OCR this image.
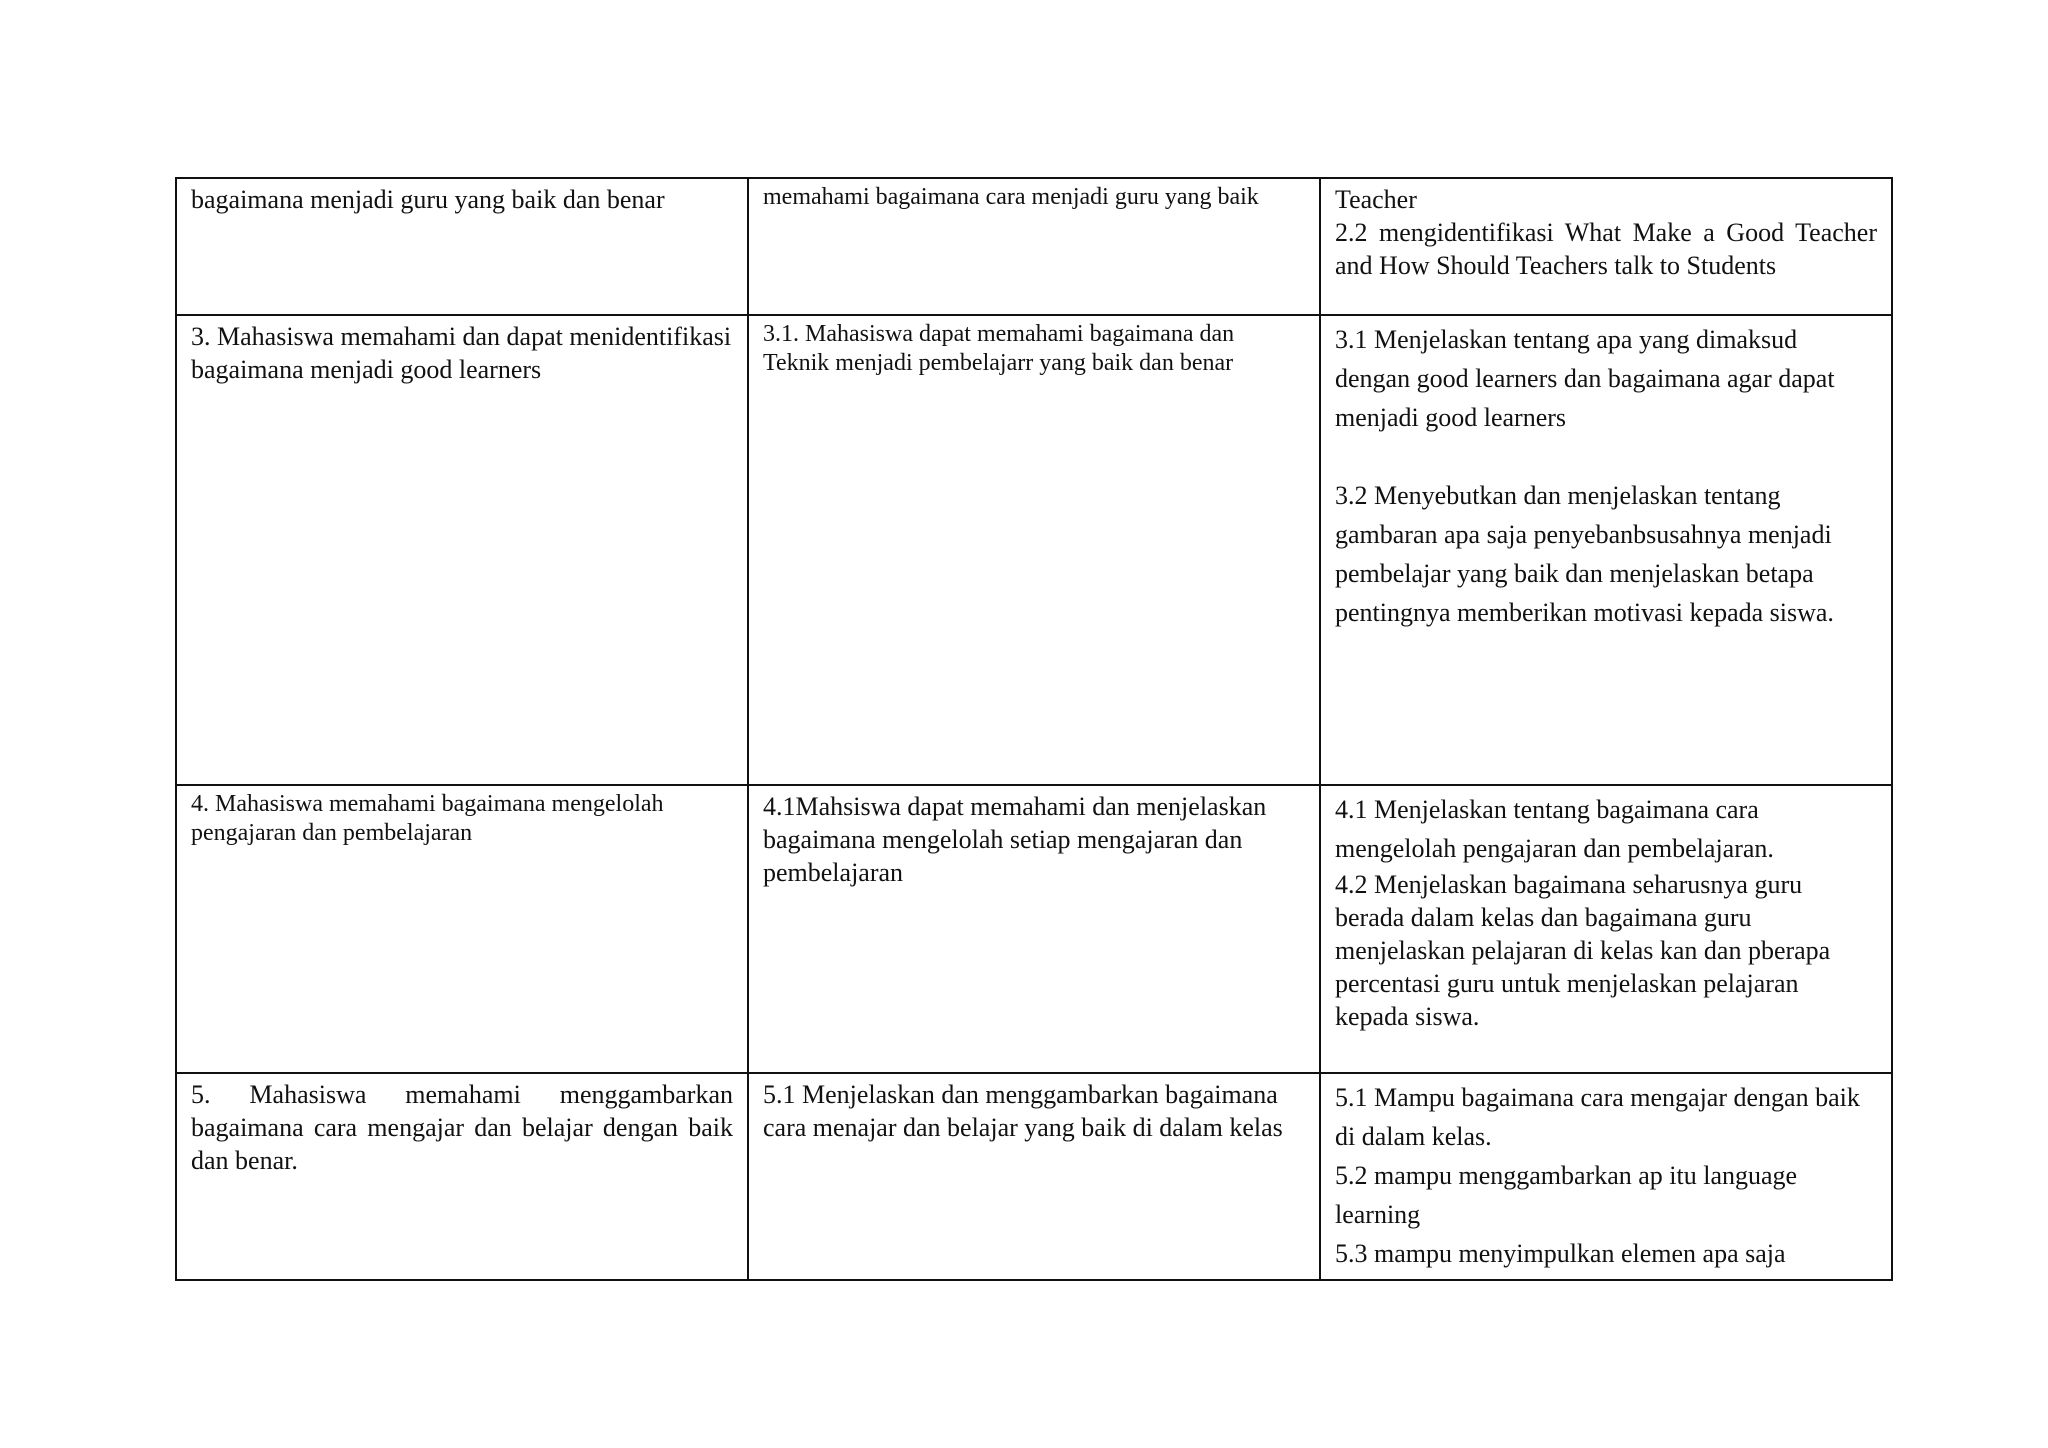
bagaimana menjadi guru yang baik dan benar	memahami bagaimana cara menjadi guru yang baik	Teacher
2.2 mengidentifikasi What Make a Good Teacher and How Should Teachers talk to Students

3. Mahasiswa memahami dan dapat menidentifikasi bagaimana menjadi good learners	3.1. Mahasiswa dapat memahami bagaimana dan Teknik menjadi pembelajarr yang baik dan benar	3.1 Menjelaskan tentang apa yang dimaksud dengan good learners dan bagaimana agar dapat menjadi good learners
3.2 Menyebutkan dan menjelaskan tentang gambaran apa saja penyebanbsusahnya menjadi pembelajar yang baik dan menjelaskan betapa pentingnya memberikan motivasi kepada siswa.

4. Mahasiswa memahami bagaimana mengelolah pengajaran dan pembelajaran	4.1Mahsiswa dapat memahami dan menjelaskan bagaimana mengelolah setiap mengajaran dan pembelajaran	4.1 Menjelaskan tentang bagaimana cara mengelolah pengajaran dan pembelajaran.
4.2 Menjelaskan bagaimana seharusnya guru berada dalam kelas dan bagaimana guru menjelaskan pelajaran di kelas kan dan pberapa percentasi guru untuk menjelaskan pelajaran kepada siswa.

5. Mahasiswa memahami menggambarkan bagaimana cara mengajar dan belajar dengan baik dan benar.	5.1 Menjelaskan dan menggambarkan bagaimana cara menajar dan belajar yang baik di dalam kelas	5.1 Mampu bagaimana cara mengajar dengan baik di dalam kelas.
5.2 mampu menggambarkan ap itu language learning
5.3 mampu menyimpulkan elemen apa saja
